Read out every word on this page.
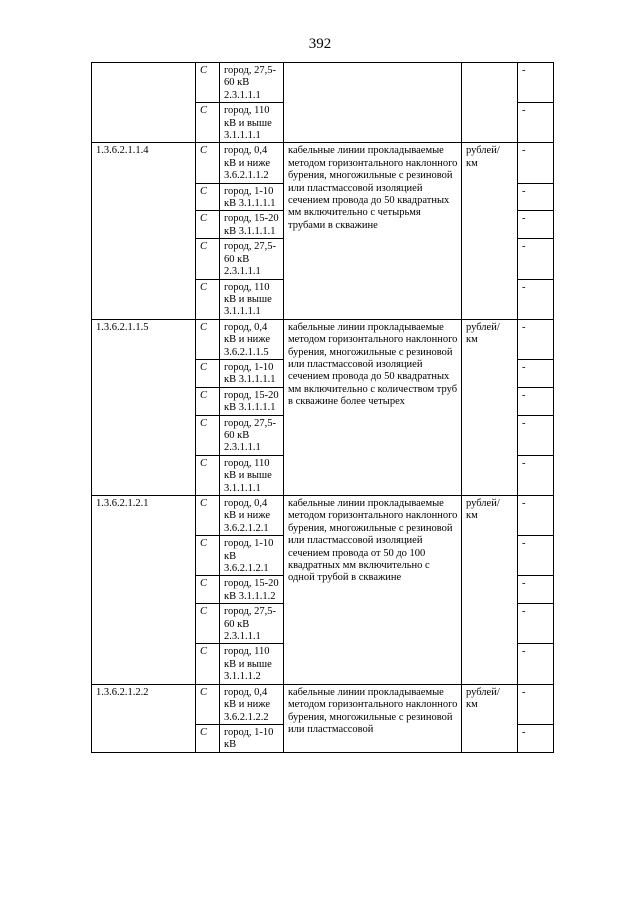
392
	С	город, 27,5-60 кВ 2.3.1.1.1			-
	С	город, 110 кВ и выше 3.1.1.1.1			-
1.3.6.2.1.1.4	С	город, 0,4 кВ и ниже 3.6.2.1.1.2	кабельные линии прокладываемые методом горизонтального наклонного бурения, многожильные с резиновой или пластмассовой изоляцией сечением провода до 50 квадратных мм включительно с четырьмя трубами в скважине	рублей/ км	-
	С	город, 1-10 кВ 3.1.1.1.1			-
	С	город, 15-20 кВ 3.1.1.1.1			-
	С	город, 27,5-60 кВ 2.3.1.1.1			-
	С	город, 110 кВ и выше 3.1.1.1.1			-
1.3.6.2.1.1.5	С	город, 0,4 кВ и ниже 3.6.2.1.1.5	кабельные линии прокладываемые методом горизонтального наклонного бурения, многожильные с резиновой или пластмассовой изоляцией сечением провода до 50 квадратных мм включительно с количеством труб в скважине более четырех	рублей/ км	-
	С	город, 1-10 кВ 3.1.1.1.1			-
	С	город, 15-20 кВ 3.1.1.1.1			-
	С	город, 27,5-60 кВ 2.3.1.1.1			-
	С	город, 110 кВ и выше 3.1.1.1.1			-
1.3.6.2.1.2.1	С	город, 0,4 кВ и ниже 3.6.2.1.2.1	кабельные линии прокладываемые методом горизонтального наклонного бурения, многожильные с резиновой или пластмассовой изоляцией сечением провода от 50 до 100 квадратных мм включительно с одной трубой в скважине	рублей/ км	-
	С	город, 1-10 кВ 3.6.2.1.2.1			-
	С	город, 15-20 кВ 3.1.1.1.2			-
	С	город, 27,5-60 кВ 2.3.1.1.1			-
	С	город, 110 кВ и выше 3.1.1.1.2			-
1.3.6.2.1.2.2	С	город, 0,4 кВ и ниже 3.6.2.1.2.2	кабельные линии прокладываемые методом горизонтального наклонного бурения, многожильные с резиновой или пластмассовой	рублей/ км	-
	С	город, 1-10 кВ			-
